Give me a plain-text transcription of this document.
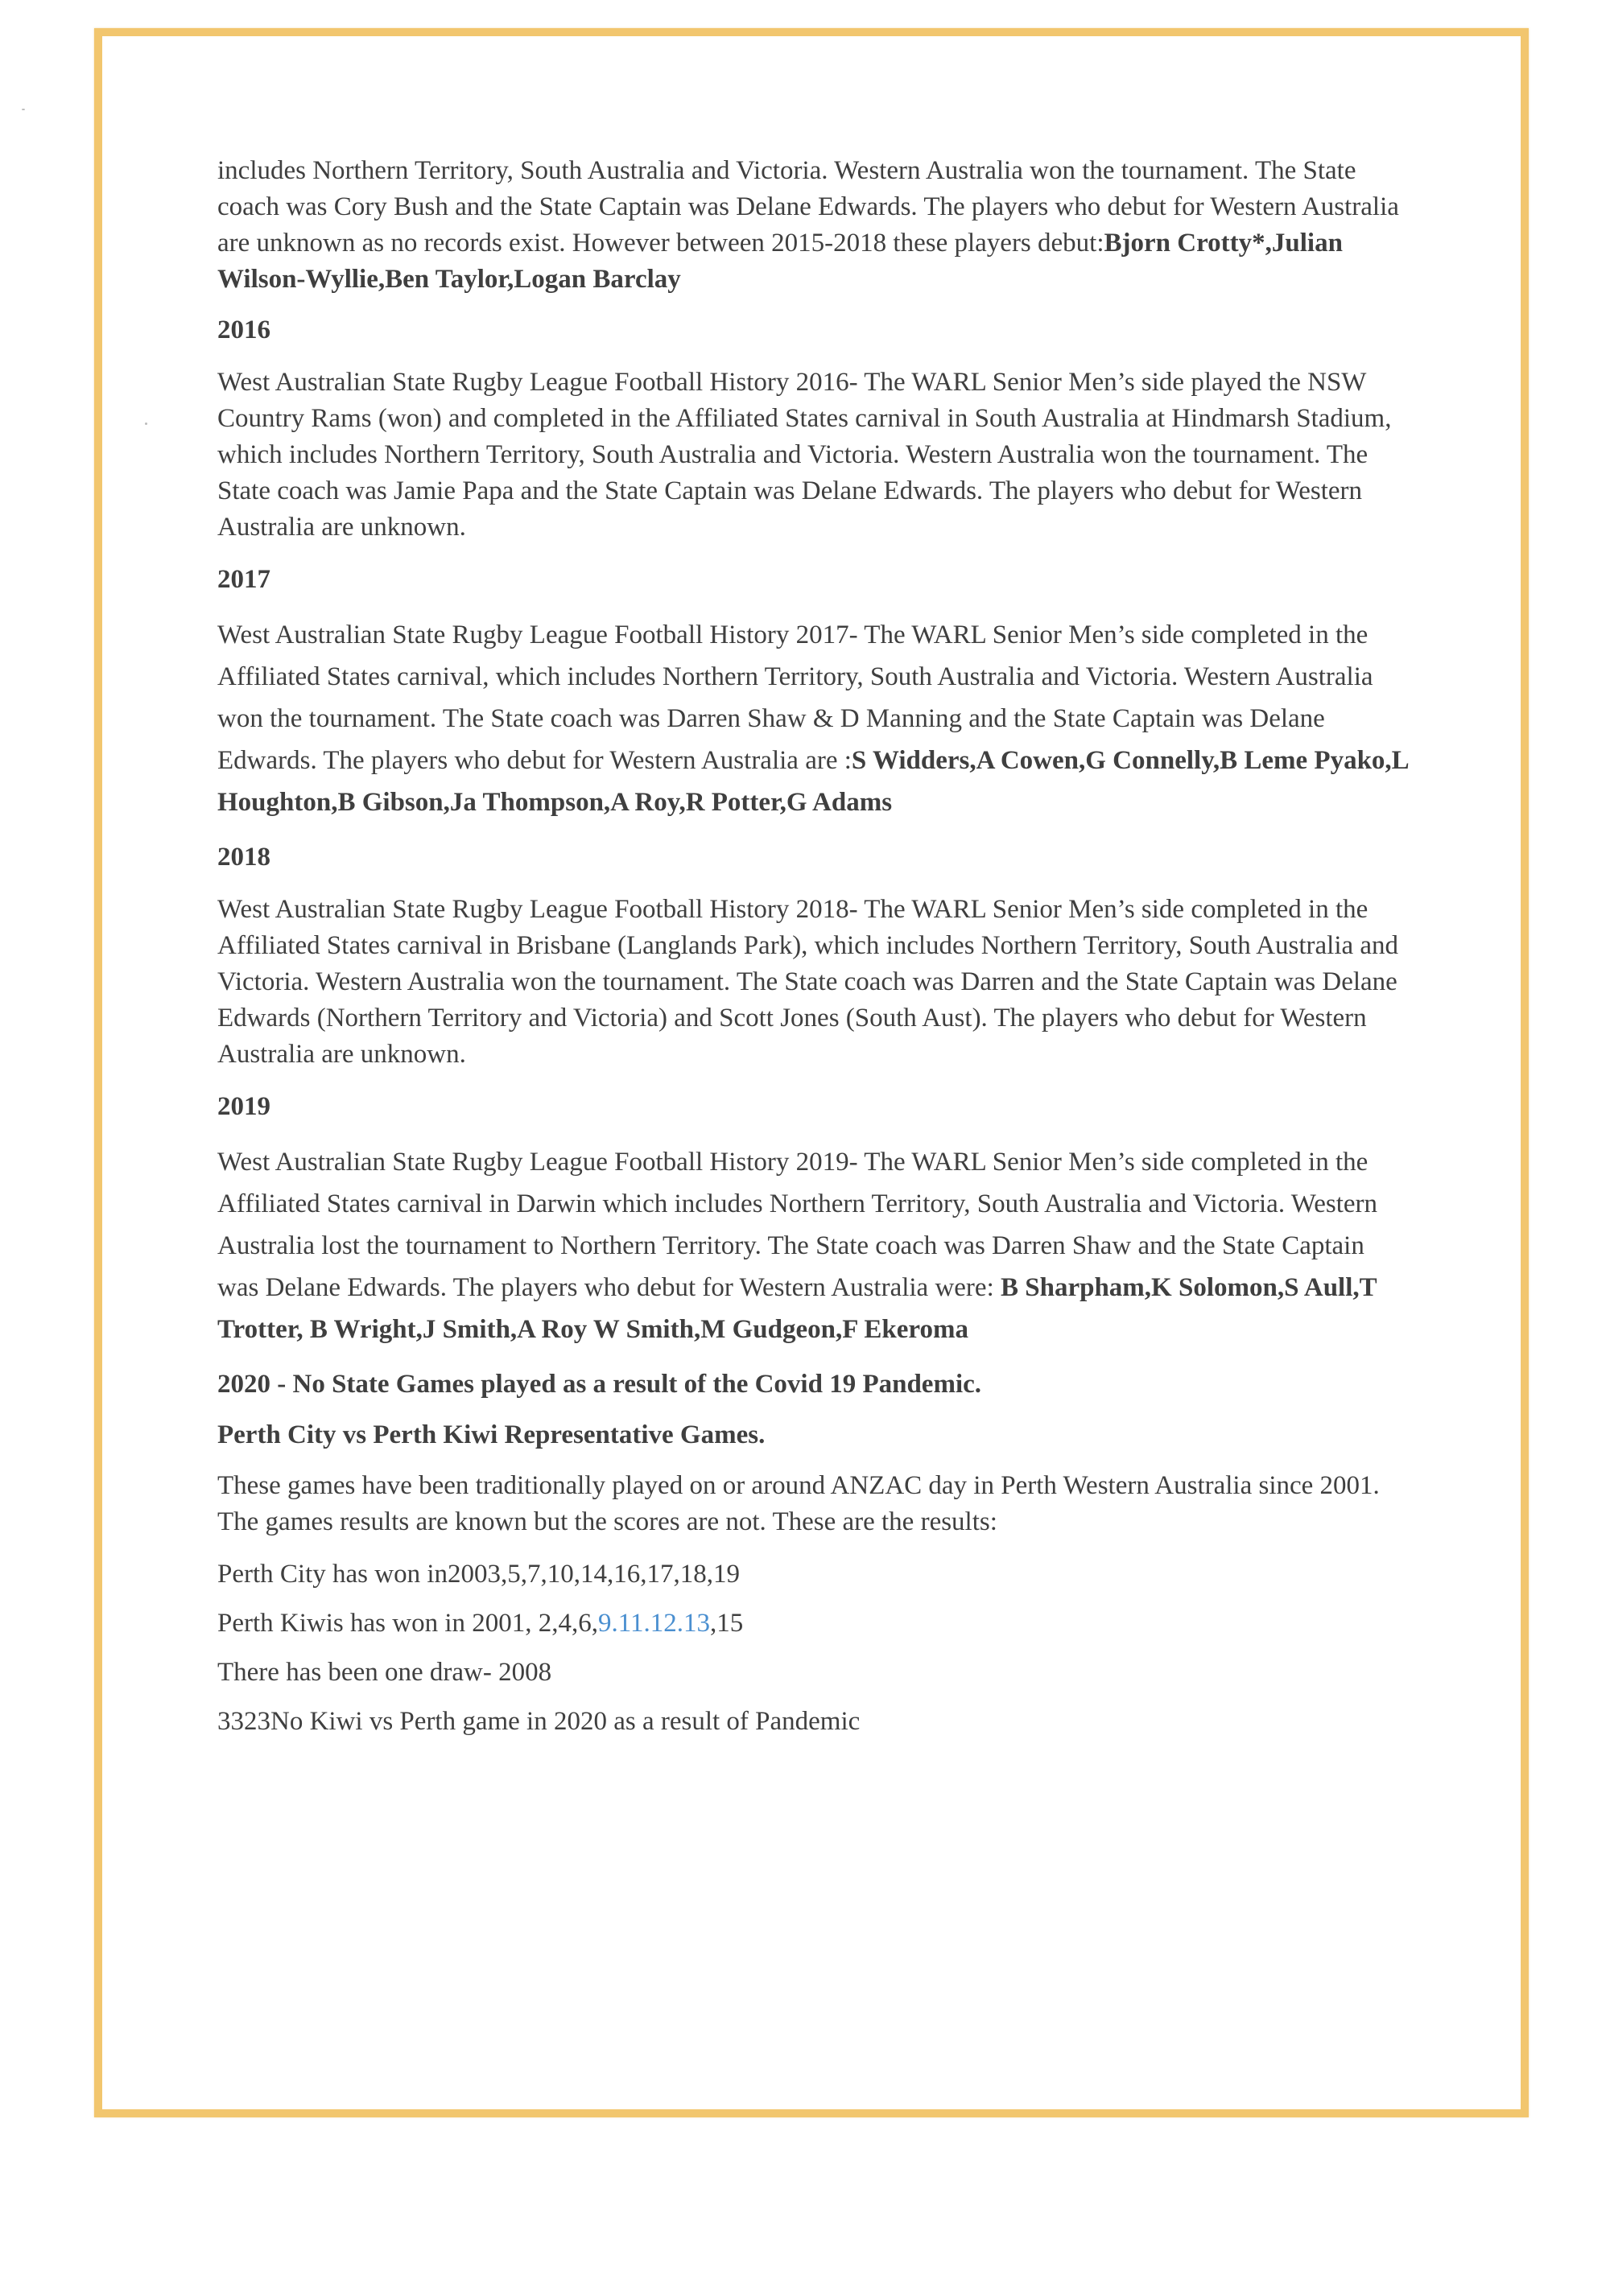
includes Northern Territory, South Australia and Victoria. Western Australia won the tournament. The State coach was Cory Bush and the State Captain was Delane Edwards. The players who debut for Western Australia are unknown as no records exist. However between 2015-2018 these players debut:Bjorn Crotty*,Julian Wilson-Wyllie,Ben Taylor,Logan Barclay

2016

West Australian State Rugby League Football History 2016- The WARL Senior Men’s side played the NSW Country Rams (won) and completed in the Affiliated States carnival in South Australia at Hindmarsh Stadium, which includes Northern Territory, South Australia and Victoria. Western Australia won the tournament. The State coach was Jamie Papa and the State Captain was Delane Edwards. The players who debut for Western Australia are unknown.

2017

West Australian State Rugby League Football History 2017- The WARL Senior Men’s side completed in the Affiliated States carnival, which includes Northern Territory, South Australia and Victoria. Western Australia won the tournament. The State coach was Darren Shaw & D Manning and the State Captain was Delane Edwards. The players who debut for Western Australia are :S Widders,A Cowen,G Connelly,B Leme Pyako,L Houghton,B Gibson,Ja Thompson,A Roy,R Potter,G Adams

2018

West Australian State Rugby League Football History 2018- The WARL Senior Men’s side completed in the Affiliated States carnival in Brisbane (Langlands Park), which includes Northern Territory, South Australia and Victoria. Western Australia won the tournament. The State coach was Darren and the State Captain was Delane Edwards (Northern Territory and Victoria) and Scott Jones (South Aust). The players who debut for Western Australia are unknown.

2019

West Australian State Rugby League Football History 2019- The WARL Senior Men’s side completed in the Affiliated States carnival in Darwin which includes Northern Territory, South Australia and Victoria. Western Australia lost the tournament to Northern Territory. The State coach was Darren Shaw and the State Captain was Delane Edwards. The players who debut for Western Australia were: B Sharpham,K Solomon,S Aull,T Trotter, B Wright,J Smith,A Roy W Smith,M Gudgeon,F Ekeroma

2020 - No State Games played as a result of the Covid 19 Pandemic.

Perth City vs Perth Kiwi Representative Games.

These games have been traditionally played on or around ANZAC day in Perth Western Australia since 2001. The games results are known but the scores are not. These are the results:

Perth City has won in2003,5,7,10,14,16,17,18,19

Perth Kiwis has won in 2001, 2,4,6,9.11.12.13,15

There has been one draw- 2008

3323No Kiwi vs Perth game in 2020 as a result of Pandemic
